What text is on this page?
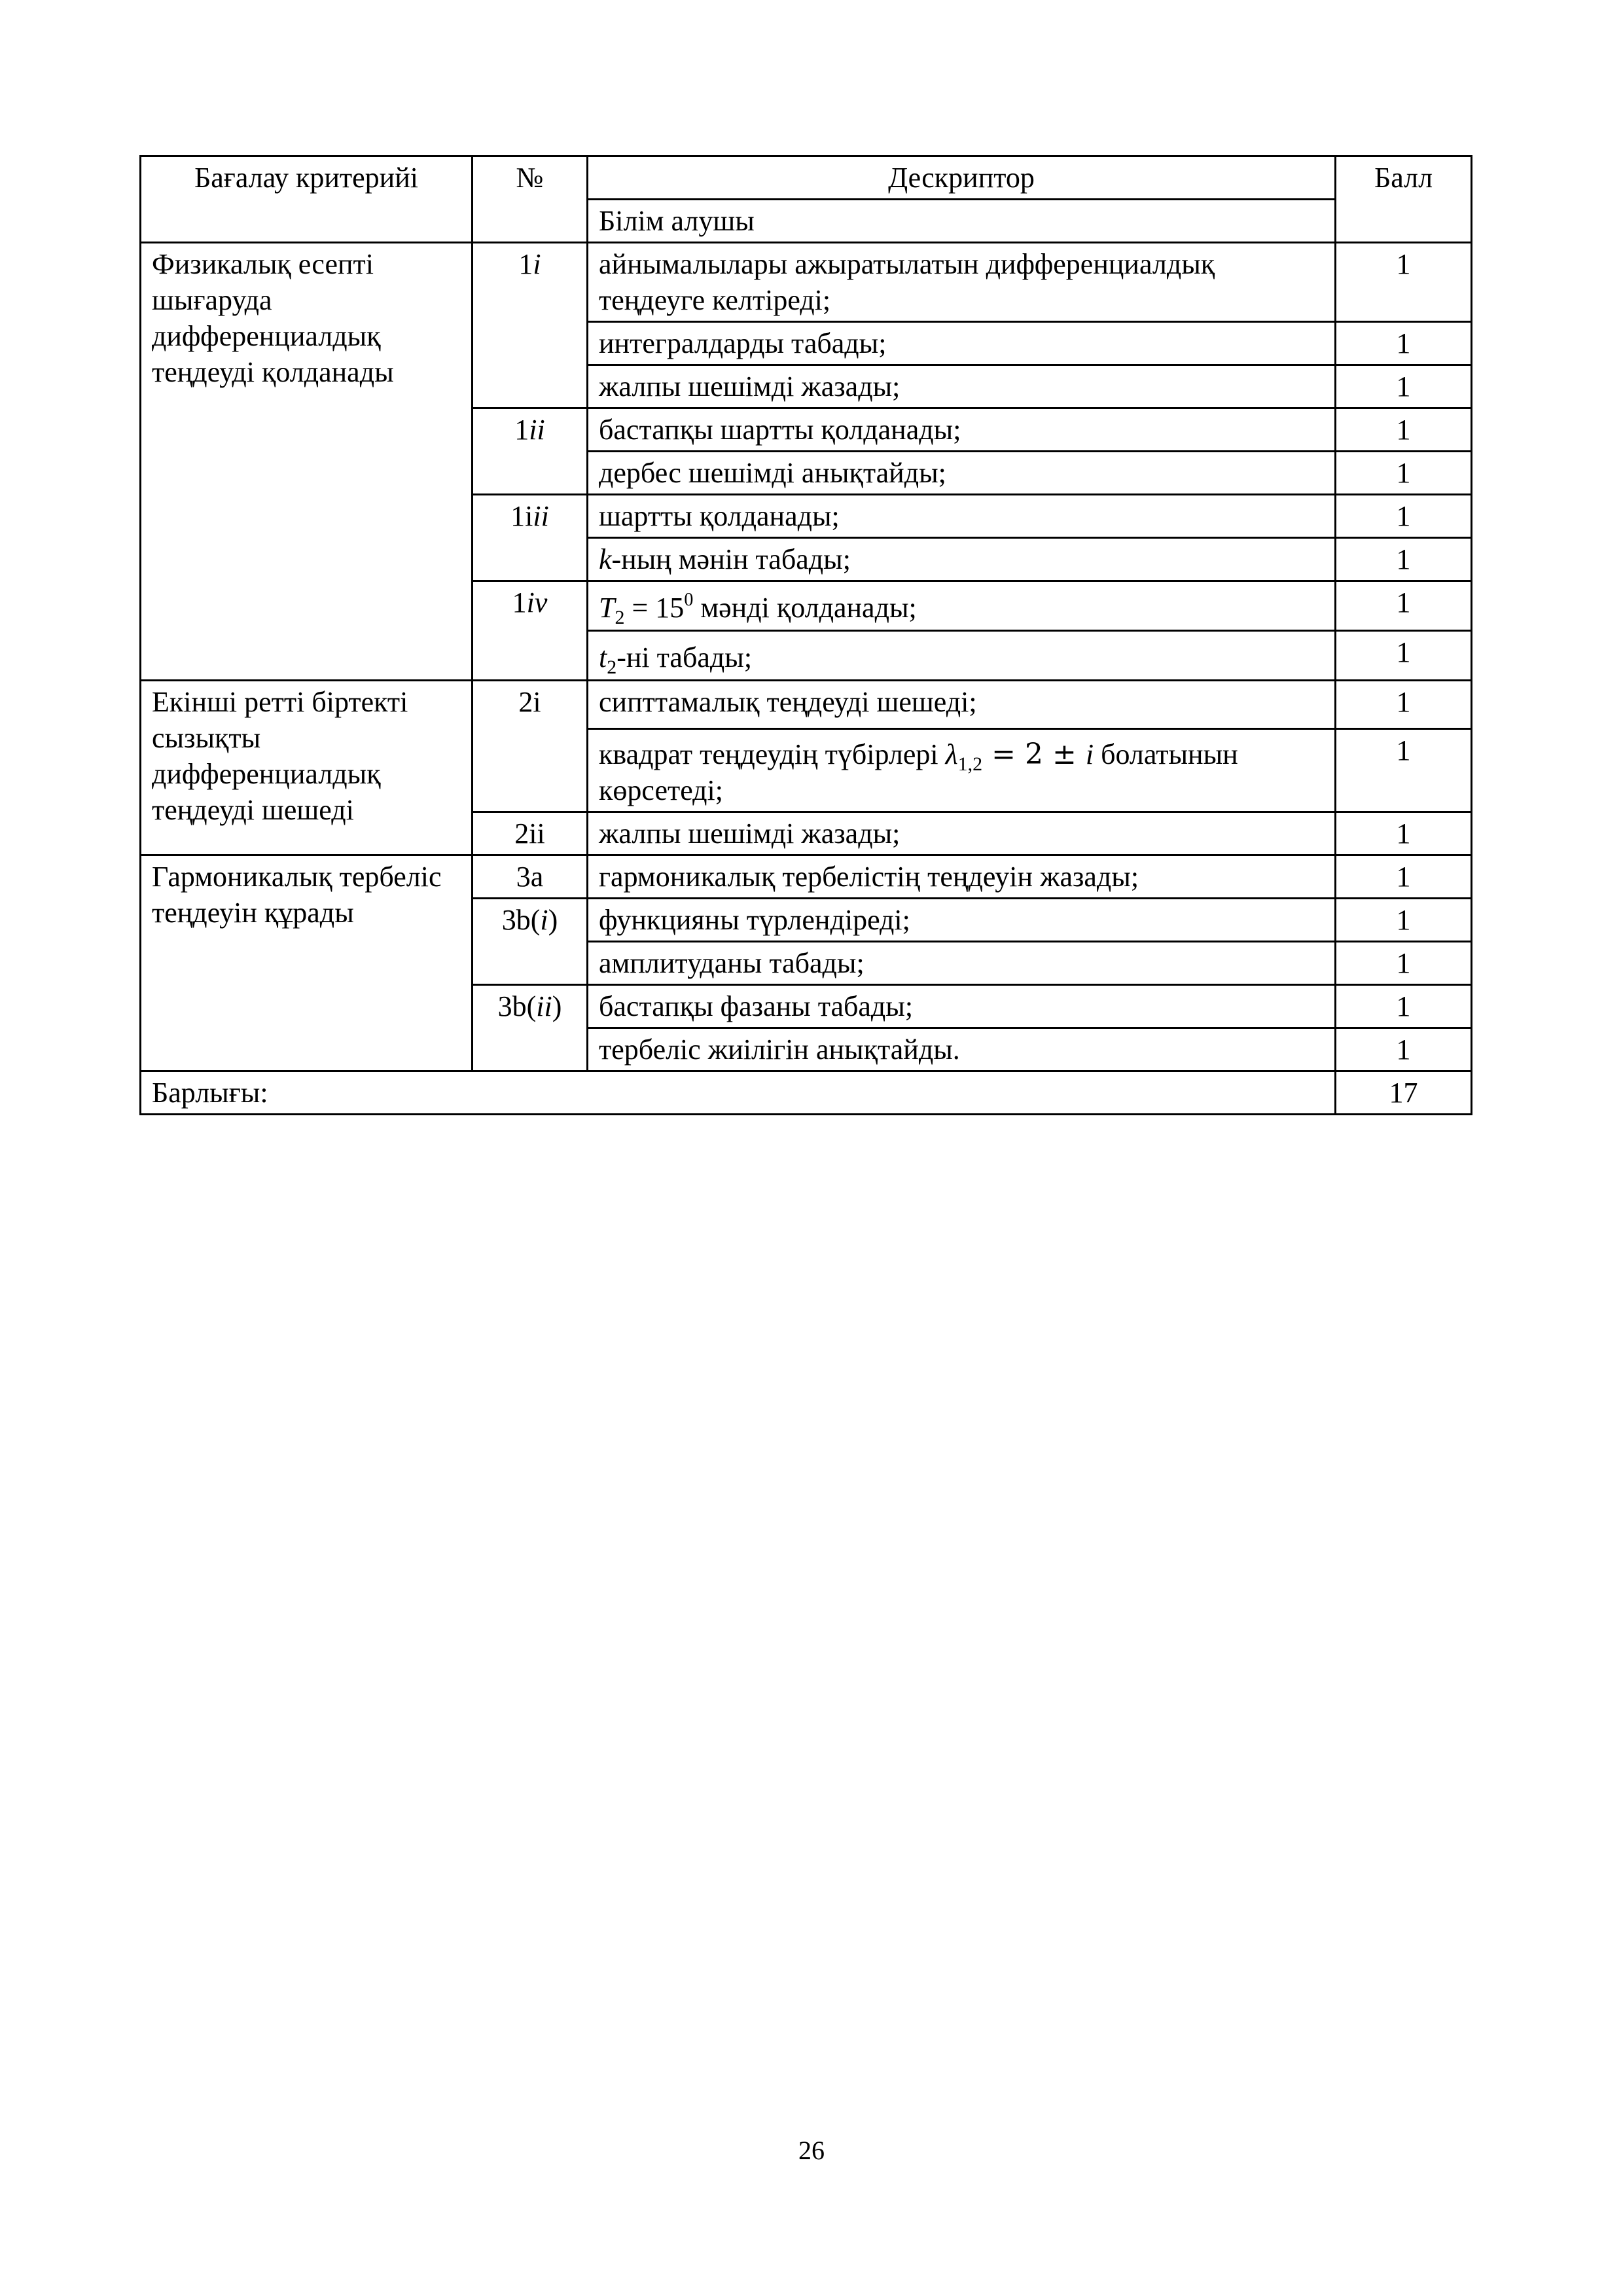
Бағалау критерийі	№	Дескриптор	Балл
		Білім алушы	
Физикалық есепті шығаруда дифференциалдық теңдеуді қолданады	1i	айнымалылары ажыратылатын дифференциалдық теңдеуге келтіреді;	1
		интегралдарды табады;	1
		жалпы шешімді жазады;	1
	1ii	бастапқы шартты қолданады;	1
		дербес шешімді анықтайды;	1
	1iii	шартты қолданады;	1
		k-ның мәнін табады;	1
	1iv	$T_2 = 15^0$ мәнді қолданады;	1
		$t_2-ні$ табады;	1
Екінші ретті біртекті сызықты дифференциалдық теңдеуді шешеді	2i	сипттамалық теңдеуді шешеді;	1
		квадрат теңдеудің түбірлері $\lambda_{1,2} = 2 \pm i$ болатынын көрсетеді;	1
	2ii	жалпы шешімді жазады;	1
Гармоникалық тербеліс теңдеуін құрады	3a	гармоникалық тербелістің теңдеуін жазады;	1
	3b(i)	функцияны түрлендіреді;	1
		амплитуданы табады;	1
	3b(ii)	бастапқы фазаны табады;	1
		тербеліс жиілігін анықтайды.	1
Барлығы:			17
26
